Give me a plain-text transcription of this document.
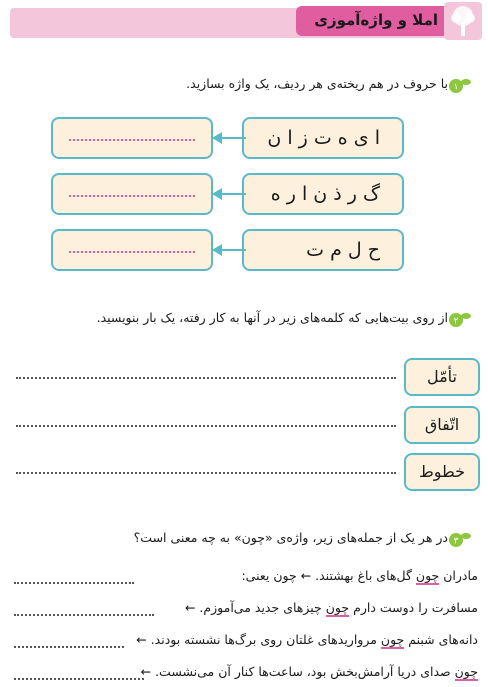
املا و واژه‌آموزی
۱
با حروف در هم ریخته‌ی هر ردیف، یک واژه بسازید.
ا ی ه ت ز ا ن
گ ر ذ ن ا ر ه
ح ل م ت
۲
از روی بیت‌هایی که کلمه‌های زیر در آنها به کار رفته، یک بار بنویسید.
تأمّل
اتّفاق
خطوط
۳
در هر یک از جمله‌های زیر، واژه‌ی «چون» به چه معنی است؟
مادران چون گل‌های باغ بهشتند. ← چون یعنی:
مسافرت را دوست دارم چون چیزهای جدید می‌آموزم. ←
دانه‌های شبنم چون مرواریدهای غلتان روی برگ‌ها نشسته بودند. ←
چون صدای دریا آرامش‌بخش بود، ساعت‌ها کنار آن می‌نشست. ←
